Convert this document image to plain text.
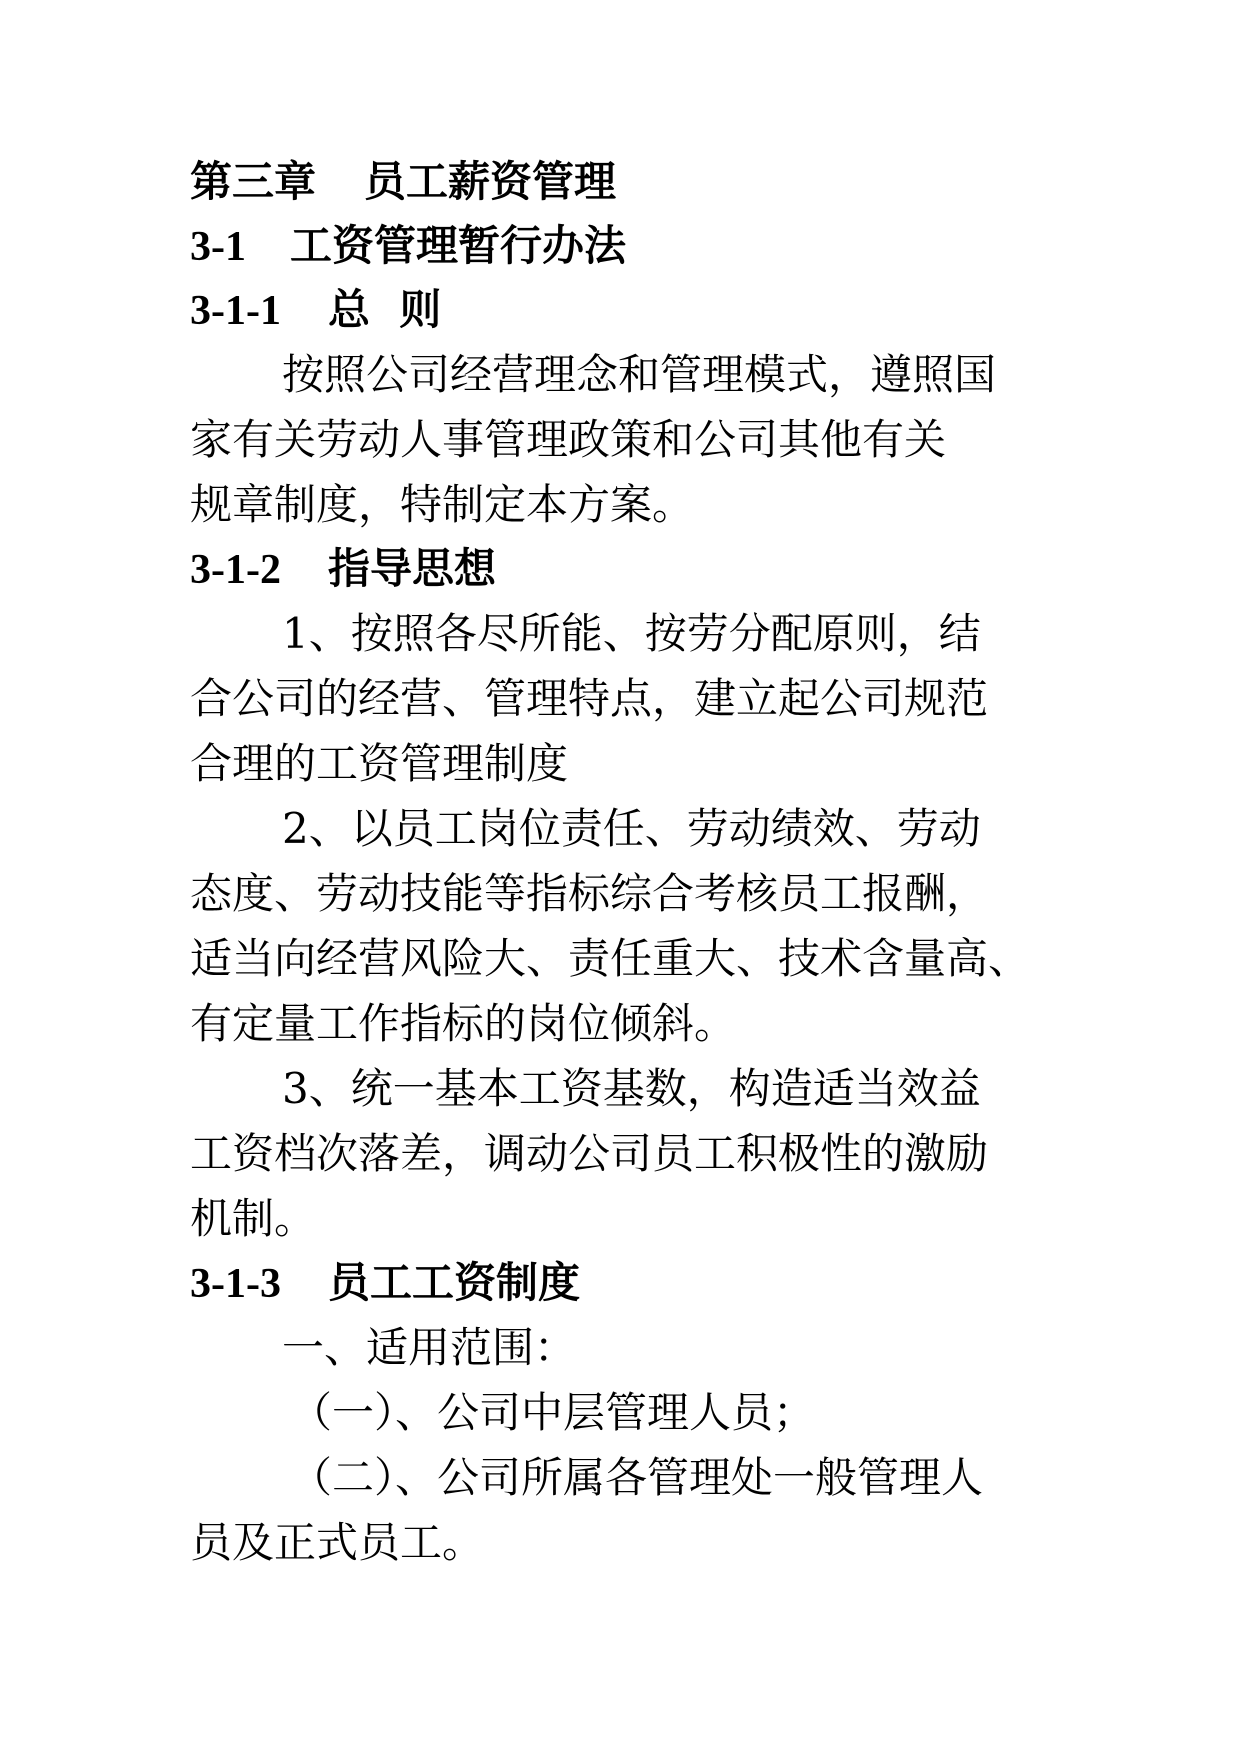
第三章 员工薪资管理
3-1 工资管理暂行办法
3-1-1 总  则
按照公司经营理念和管理模式，遵照国
家有关劳动人事管理政策和公司其他有关
规章制度，特制定本方案。
3-1-2 指导思想
1、按照各尽所能、按劳分配原则，结
合公司的经营、管理特点，建立起公司规范
合理的工资管理制度
2、以员工岗位责任、劳动绩效、劳动
态度、劳动技能等指标综合考核员工报酬，
适当向经营风险大、责任重大、技术含量高、
有定量工作指标的岗位倾斜。
3、统一基本工资基数，构造适当效益
工资档次落差，调动公司员工积极性的激励
机制。
3-1-3 员工工资制度
一、适用范围：
（一）、公司中层管理人员；
（二）、公司所属各管理处一般管理人
员及正式员工。
